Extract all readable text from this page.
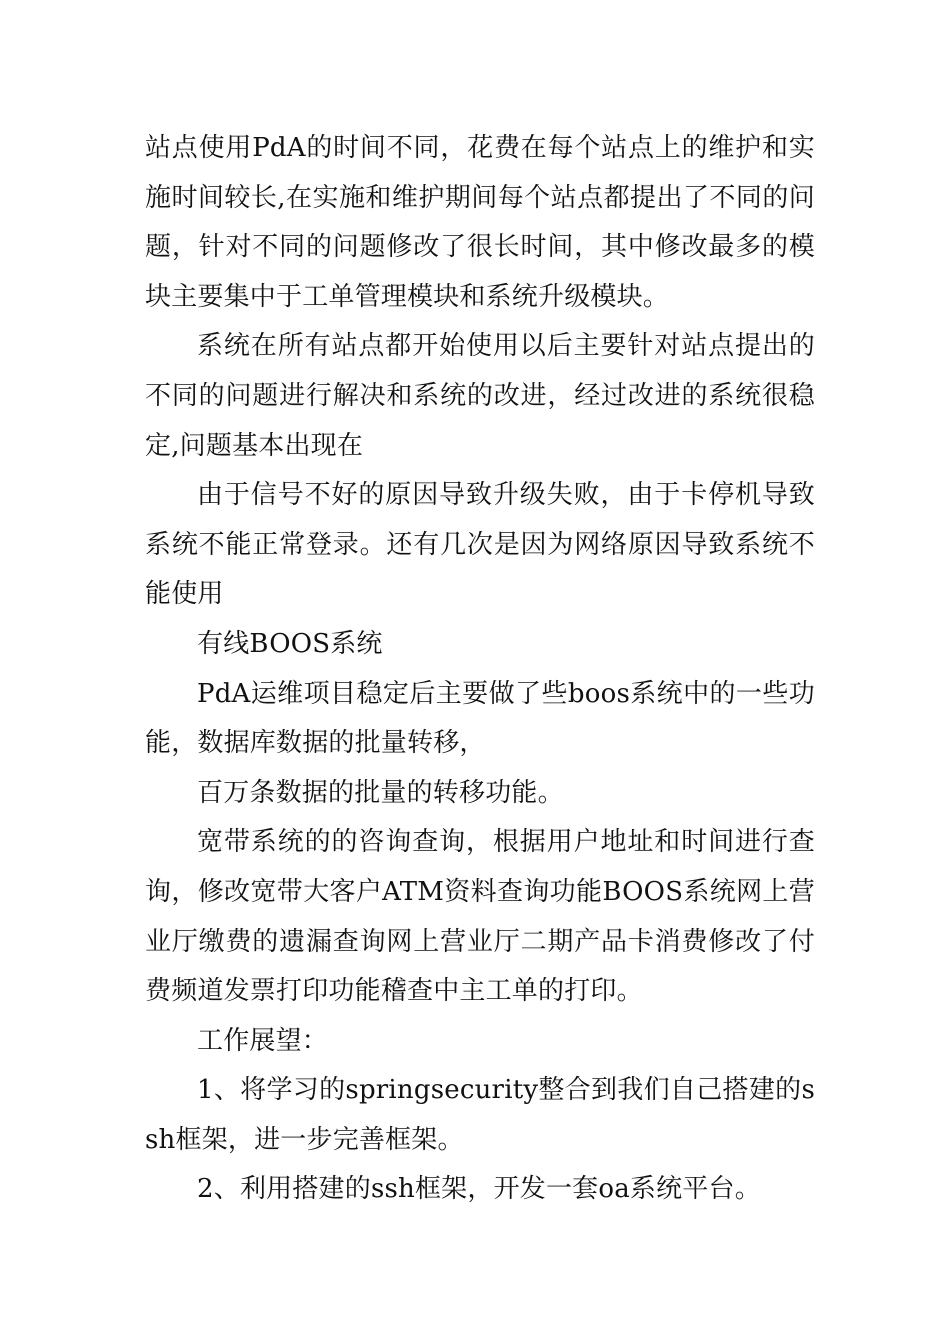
站点使用PdA的时间不同，花费在每个站点上的维护和实施时间较长,在实施和维护期间每个站点都提出了不同的问题，针对不同的问题修改了很长时间，其中修改最多的模块主要集中于工单管理模块和系统升级模块。

系统在所有站点都开始使用以后主要针对站点提出的不同的问题进行解决和系统的改进，经过改进的系统很稳定,问题基本出现在

由于信号不好的原因导致升级失败，由于卡停机导致系统不能正常登录。还有几次是因为网络原因导致系统不能使用

有线BOOS系统

PdA运维项目稳定后主要做了些boos系统中的一些功能，数据库数据的批量转移，

百万条数据的批量的转移功能。

宽带系统的的咨询查询，根据用户地址和时间进行查询，修改宽带大客户ATM资料查询功能BOOS系统网上营业厅缴费的遗漏查询网上营业厅二期产品卡消费修改了付费频道发票打印功能稽查中主工单的打印。

工作展望：

1、将学习的springsecurity整合到我们自己搭建的ssh框架，进一步完善框架。

2、利用搭建的ssh框架，开发一套oa系统平台。
